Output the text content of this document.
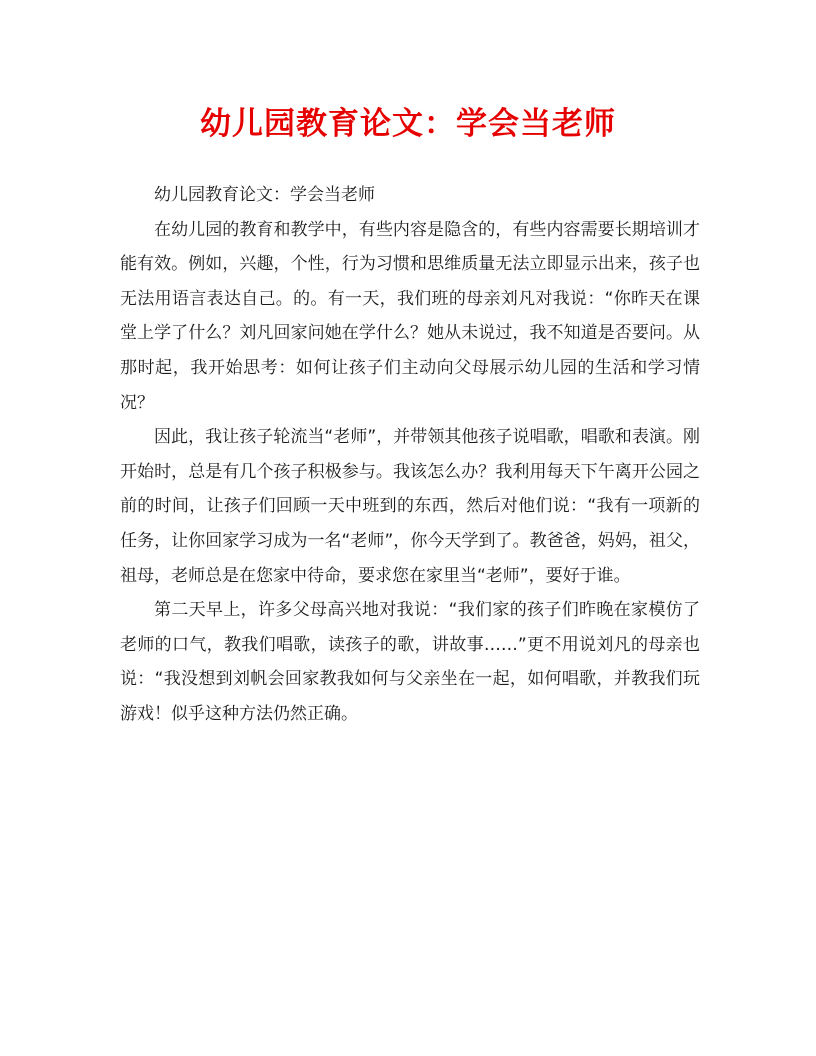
幼儿园教育论文：学会当老师

幼儿园教育论文：学会当老师

在幼儿园的教育和教学中，有些内容是隐含的，有些内容需要长期培训才能有效。例如，兴趣，个性，行为习惯和思维质量无法立即显示出来，孩子也无法用语言表达自己。的。有一天，我们班的母亲刘凡对我说：“你昨天在课堂上学了什么？刘凡回家问她在学什么？她从未说过，我不知道是否要问。从那时起，我开始思考：如何让孩子们主动向父母展示幼儿园的生活和学习情况？

因此，我让孩子轮流当“老师”，并带领其他孩子说唱歌，唱歌和表演。刚开始时，总是有几个孩子积极参与。我该怎么办？我利用每天下午离开公园之前的时间，让孩子们回顾一天中班到的东西，然后对他们说：“我有一项新的任务，让你回家学习成为一名“老师”，你今天学到了。教爸爸，妈妈，祖父，祖母，老师总是在您家中待命，要求您在家里当“老师”，要好于谁。

第二天早上，许多父母高兴地对我说：“我们家的孩子们昨晚在家模仿了老师的口气，教我们唱歌，读孩子的歌，讲故事……”更不用说刘凡的母亲也说：“我没想到刘帆会回家教我如何与父亲坐在一起，如何唱歌，并教我们玩游戏！似乎这种方法仍然正确。
